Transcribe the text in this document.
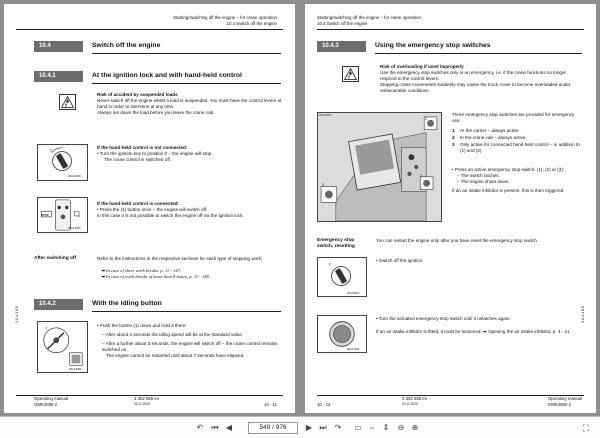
Starting/switching off the engine – for crane operation
10.4 Switch off the engine
10.4	Switch off the engine
10.4.1	At the ignition lock and with hand-held control
Risk of accident by suspended loads
Never switch off the engine whilst a load is suspended. You must have the control levers at hand in order to intervene at any time.
Always set down the load before you leave the crane cab.
0
WGA 9028
If the hand-held control is not connected:
• Turn the ignition key to position 0 – the engine will stop.
The crane control is switched off.
STOP	1
WGA 9026
If the hand-held control is connected:
• Press the (1) button once – the engine will switch off.
In this case it is not possible to switch the engine off via the ignition lock.
After switching off	Refer to the instructions in the respective sections for each type of stopping work;
➡ In case of short work breaks, p. 11 - 147,
➡ In case of work breaks of more than 8 hours, p. 11 - 148.
10.4.2	With the idling button
1
WGA 9051
• Push the button (1) down and hold it there.
– After about 3 seconds the idling speed will be at the standard value.
– After a further about 3 seconds, the engine will switch off – the crane control remains switched on.
The engine cannot be restarted until about 7 seconds have elapsed.
3.0-4.4 ES
Operating manual
GMK4080-2
3 302 659 en
20.11.2020	10 - 11
Starting/switching off the engine – for crane operation
10.4 Switch off the engine
10.4.3	Using the emergency stop switches
Risk of overloading if used improperly
Use the emergency stop switches only in an emergency, i.e. if the crane functions no longer respond to the control levers.
Stopping crane movements suddenly may cause the truck crane to become overloaded under unfavourable conditions.
WGA 9071
1
2
3
Three emergency stop switches are provided for emergency use:
1	At the carrier – always active
2	In the crane cab – always active
3	Only active for connected hand-held control – in addition to (1) and (2)
• Press an active emergency stop switch. (1), (2) or (3):
– The switch latches.
– The engine shuts down.
If an air intake inhibitor is present, this is then triggered.
Emergency stop
switch, resetting
You can restart the engine only after you have reset the emergency stop switch.
0
WGA 9027
• Switch off the ignition.
WGA 9031
• Turn the actuated emergency stop switch until it unlatches again.
If an air intake inhibitor is fitted, it must be loosened; ➡ Opening the air intake inhibitor, p. 4 - 21.
3.0-4.4 ES
10 - 12
3 302 659 en
20.11.2020
Operating manual
GMK4080-2
↶ ⏮ ◀	549 / 976	▶ ⏭ ↷ ▭ ⇔ ⇕ ⊖ ⊕	⛶
